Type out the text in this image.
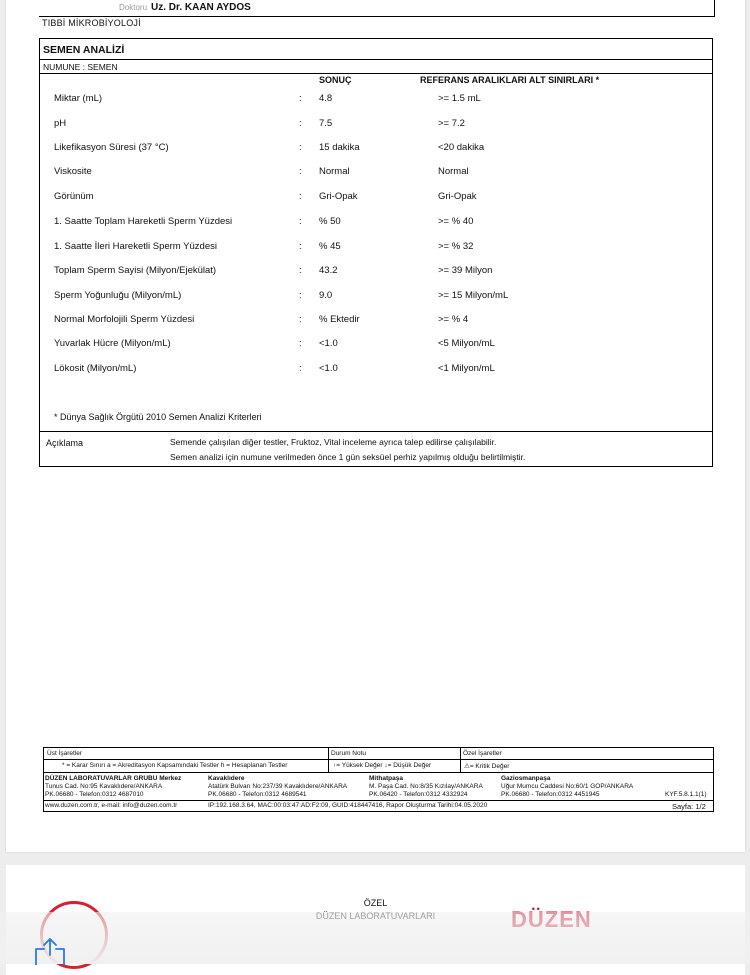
Doktoru Uz. Dr. KAAN AYDOS
TIBBİ MİKROBİYOLOJİ
SEMEN ANALİZİ
NUMUNE : SEMEN
SONUÇ	REFERANS ARALIKLARI ALT SINIRLARI *
Miktar (mL)	: 4.8	>= 1.5 mL
pH	: 7.5	>= 7.2
Likefikasyon Süresi (37 °C)	: 15 dakika	<20 dakika
Viskosite	: Normal	Normal
Görünüm	: Gri-Opak	Gri-Opak
1. Saatte Toplam Hareketli Sperm Yüzdesi	: % 50	>= % 40
1. Saatte İleri Hareketli Sperm Yüzdesi	: % 45	>= % 32
Toplam Sperm Sayisi (Milyon/Ejekülat)	: 43.2	>= 39 Milyon
Sperm Yoğunluğu (Milyon/mL)	: 9.0	>= 15 Milyon/mL
Normal Morfolojili Sperm Yüzdesi	: % Ektedir	>= % 4
Yuvarlak Hücre (Milyon/mL)	: <1.0	<5 Milyon/mL
Lökosit (Milyon/mL)	: <1.0	<1 Milyon/mL
* Dünya Sağlık Örgütü 2010 Semen Analizi Kriterleri
Açıklama	Semende çalışılan diğer testler, Fruktoz, Vital inceleme ayrıca talep edilirse çalışılabilir.
Semen analizi için numune verilmeden önce 1 gün seksüel perhiz yapılmış olduğu belirtilmiştir.
Üst İşaretler
* = Karar Sınırı a = Akreditasyon Kapsamındaki Testler h = Hesaplanan Testler
Durum Notu
↑= Yüksek Değer ↓= Düşük Değer
Özel İşaretler
⚠= Kritik Değer
DÜZEN LABORATUVARLAR GRUBU Merkez
Tunus Cad. No:95 Kavaklıdere/ANKARA
PK.06680 - Telefon:0312 4687010
Kavaklıdere
Atatürk Bulvarı No:237/39 Kavaklıdere/ANKARA
PK.06680 - Telefon:0312 4689541
Mithatpaşa
M. Paşa Cad. No:8/35 Kızılay/ANKARA
PK.06420 - Telefon:0312 4332924
Gaziosmanpaşa
Uğur Mumcu Caddesi No:60/1 GOP/ANKARA
PK.06680 - Telefon:0312 4451945	KYF.5.8.1.1(1)
www.duzen.com.tr, e-mail: info@duzen.com.tr	IP:192.168.3.64, MAC:00:03:47:AD:F2:09, GUID:418447416, Rapor Oluşturma Tarihi:04.05.2020	Sayfa: 1/2
ÖZEL
